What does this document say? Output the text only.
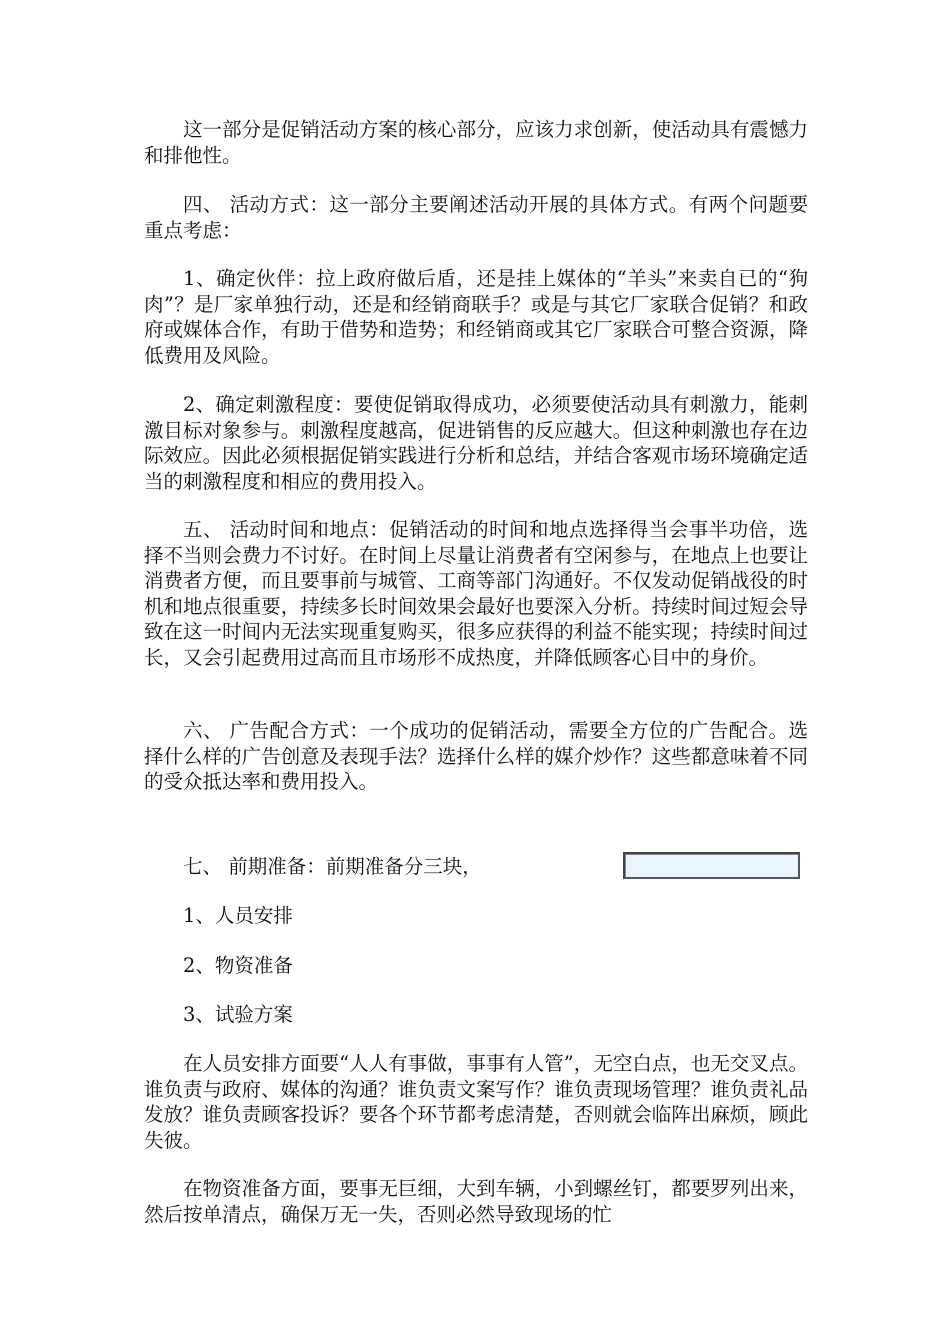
这一部分是促销活动方案的核心部分，应该力求创新，使活动具有震憾力和排他性。

四、 活动方式：这一部分主要阐述活动开展的具体方式。有两个问题要重点考虑：

1、确定伙伴：拉上政府做后盾，还是挂上媒体的“羊头”来卖自已的“狗肉”？是厂家单独行动，还是和经销商联手？或是与其它厂家联合促销？和政府或媒体合作，有助于借势和造势；和经销商或其它厂家联合可整合资源，降低费用及风险。

2、确定刺激程度：要使促销取得成功，必须要使活动具有刺激力，能刺激目标对象参与。刺激程度越高，促进销售的反应越大。但这种刺激也存在边际效应。因此必须根据促销实践进行分析和总结，并结合客观市场环境确定适当的刺激程度和相应的费用投入。

五、 活动时间和地点：促销活动的时间和地点选择得当会事半功倍，选择不当则会费力不讨好。在时间上尽量让消费者有空闲参与，在地点上也要让消费者方便，而且要事前与城管、工商等部门沟通好。不仅发动促销战役的时机和地点很重要，持续多长时间效果会最好也要深入分析。持续时间过短会导致在这一时间内无法实现重复购买，很多应获得的利益不能实现；持续时间过长，又会引起费用过高而且市场形不成热度，并降低顾客心目中的身价。

六、 广告配合方式：一个成功的促销活动，需要全方位的广告配合。选择什么样的广告创意及表现手法？选择什么样的媒介炒作？这些都意味着不同的受众抵达率和费用投入。

七、 前期准备：前期准备分三块，

1、人员安排

2、物资准备

3、试验方案

在人员安排方面要“人人有事做，事事有人管”，无空白点，也无交叉点。谁负责与政府、媒体的沟通？谁负责文案写作？谁负责现场管理？谁负责礼品发放？谁负责顾客投诉？要各个环节都考虑清楚，否则就会临阵出麻烦，顾此失彼。

在物资准备方面，要事无巨细，大到车辆，小到螺丝钉，都要罗列出来，然后按单清点，确保万无一失，否则必然导致现场的忙
